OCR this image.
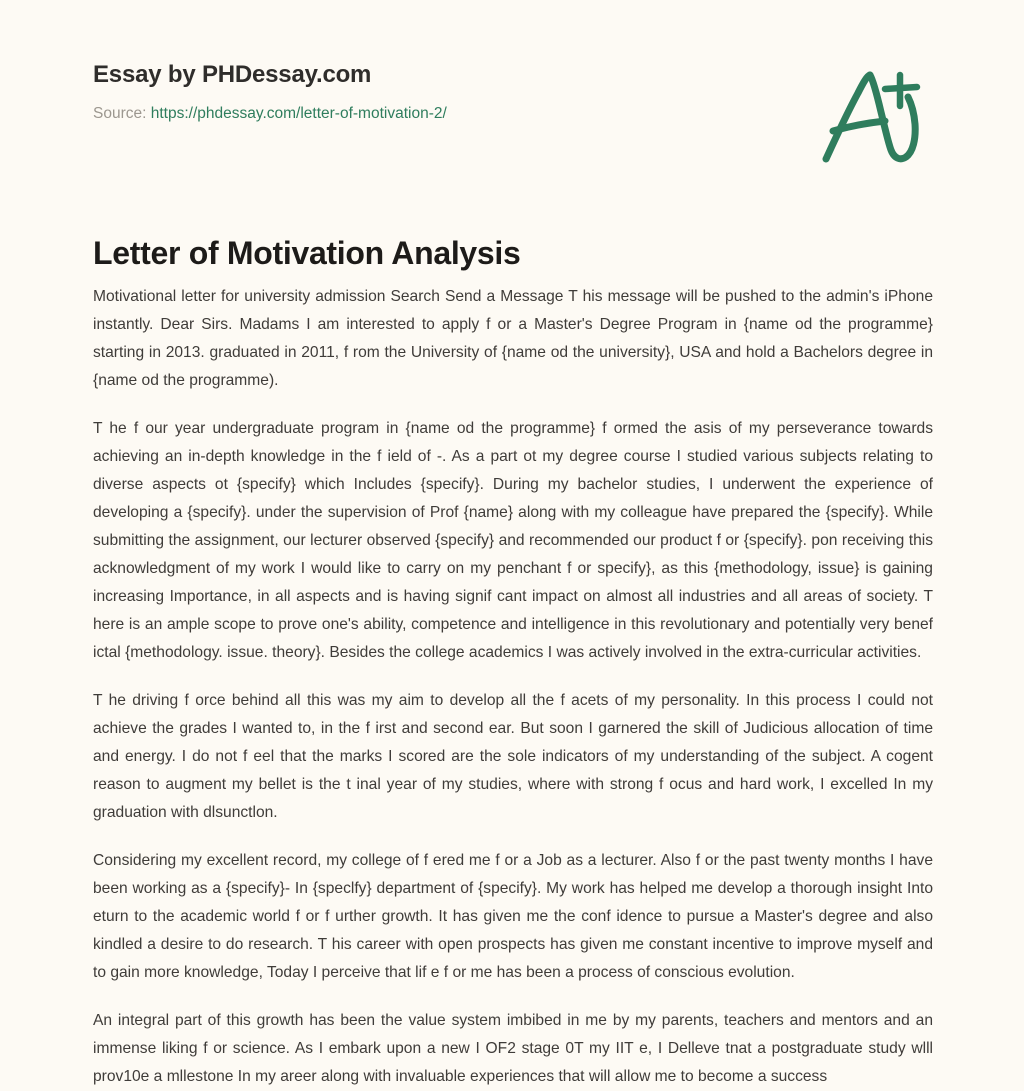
Essay by PHDessay.com
Source: https://phdessay.com/letter-of-motivation-2/
Letter of Motivation Analysis

Motivational letter for university admission Search Send a Message T his message will be pushed to the admin's iPhone instantly. Dear Sirs. Madams I am interested to apply f or a Master's Degree Program in {name od the programme} starting in 2013. graduated in 2011, f rom the University of {name od the university}, USA and hold a Bachelors degree in {name od the programme).

T he f our year undergraduate program in {name od the programme} f ormed the asis of my perseverance towards achieving an in-depth knowledge in the f ield of -. As a part ot my degree course I studied various subjects relating to diverse aspects ot {specify} which Includes {specify}. During my bachelor studies, I underwent the experience of developing a {specify}. under the supervision of Prof {name} along with my colleague have prepared the {specify}. While submitting the assignment, our lecturer observed {specify} and recommended our product f or {specify}. pon receiving this acknowledgment of my work I would like to carry on my penchant f or specify}, as this {methodology, issue} is gaining increasing Importance, in all aspects and is having signif cant impact on almost all industries and all areas of society. T here is an ample scope to prove one's ability, competence and intelligence in this revolutionary and potentially very benef ictal {methodology. issue. theory}. Besides the college academics I was actively involved in the extra-curricular activities.

T he driving f orce behind all this was my aim to develop all the f acets of my personality. In this process I could not achieve the grades I wanted to, in the f irst and second ear. But soon I garnered the skill of Judicious allocation of time and energy. I do not f eel that the marks I scored are the sole indicators of my understanding of the subject. A cogent reason to augment my bellet is the t inal year of my studies, where with strong f ocus and hard work, I excelled In my graduation with dlsunctlon.

Considering my excellent record, my college of f ered me f or a Job as a lecturer. Also f or the past twenty months I have been working as a {specify}- In {speclfy} department of {specify}. My work has helped me develop a thorough insight Into eturn to the academic world f or f urther growth. It has given me the conf idence to pursue a Master's degree and also kindled a desire to do research. T his career with open prospects has given me constant incentive to improve myself and to gain more knowledge, Today I perceive that lif e f or me has been a process of conscious evolution.

An integral part of this growth has been the value system imbibed in me by my parents, teachers and mentors and an immense liking f or science. As I embark upon a new I OF2 stage 0T my IIT e, I Delleve tnat a postgraduate study wlll prov10e a mllestone In my areer along with invaluable experiences that will allow me to become a success
